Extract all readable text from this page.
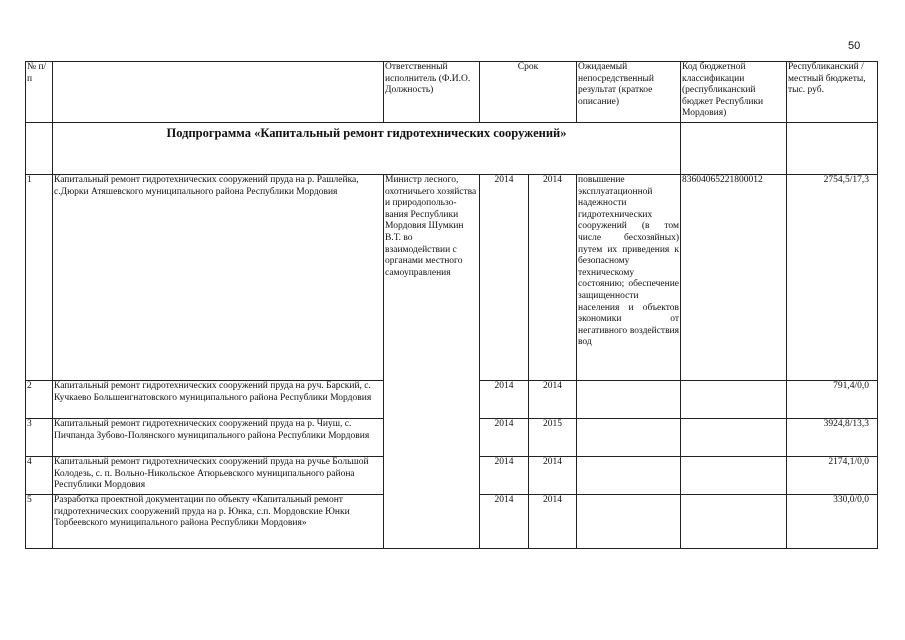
50
№ п/п		Ответственный исполнитель (Ф.И.О. Должность)	Срок		Ожидаемый непосредственный результат (краткое описание)	Код бюджетной классификации (республиканский бюджет Республики Мордовия)	Республиканский /местный бюджеты, тыс. руб.
	Подпрограмма «Капитальный ремонт гидротехнических сооружений»						
1	Капитальный ремонт гидротехнических сооружений пруда на р. Рашлейка, с.Дюрки Атяшевского муниципального района Республики Мордовия	Министр лесного, охотничьего хозяйства и природопользо-вания Республики Мордовия Шумкин В.Т. во взаимодействии с органами местного самоуправления	2014	2014	повышение эксплуатационной надежности гидротехнических сооружений (в том числе бесхозяйных) путем их приведения к безопасному техническому состоянию; обеспечение защищенности населения и объектов экономики от негативного воздействия вод	83604065221800012	2754,5/17,3
2	Капитальный ремонт гидротехнических сооружений пруда на руч. Барский, с. Кучкаево Большеигнатовского муниципального района Республики Мордовия		2014	2014			791,4/0,0
3	Капитальный ремонт гидротехнических сооружений пруда на р. Чиуш, с. Пичпанда Зубово-Полянского муниципального района Республики Мордовия		2014	2015			3924,8/13,3
4	Капитальный ремонт гидротехнических сооружений пруда на ручье Большой Колодезь, с. п. Вольно-Никольское Атюрьевского муниципального района Республики Мордовия		2014	2014			2174,1/0,0
5	Разработка проектной документации по объекту «Капитальный ремонт гидротехнических сооружений пруда на р. Юнка, с.п. Мордовские Юнки Торбеевского муниципального района Республики Мордовия»		2014	2014			330,0/0,0
